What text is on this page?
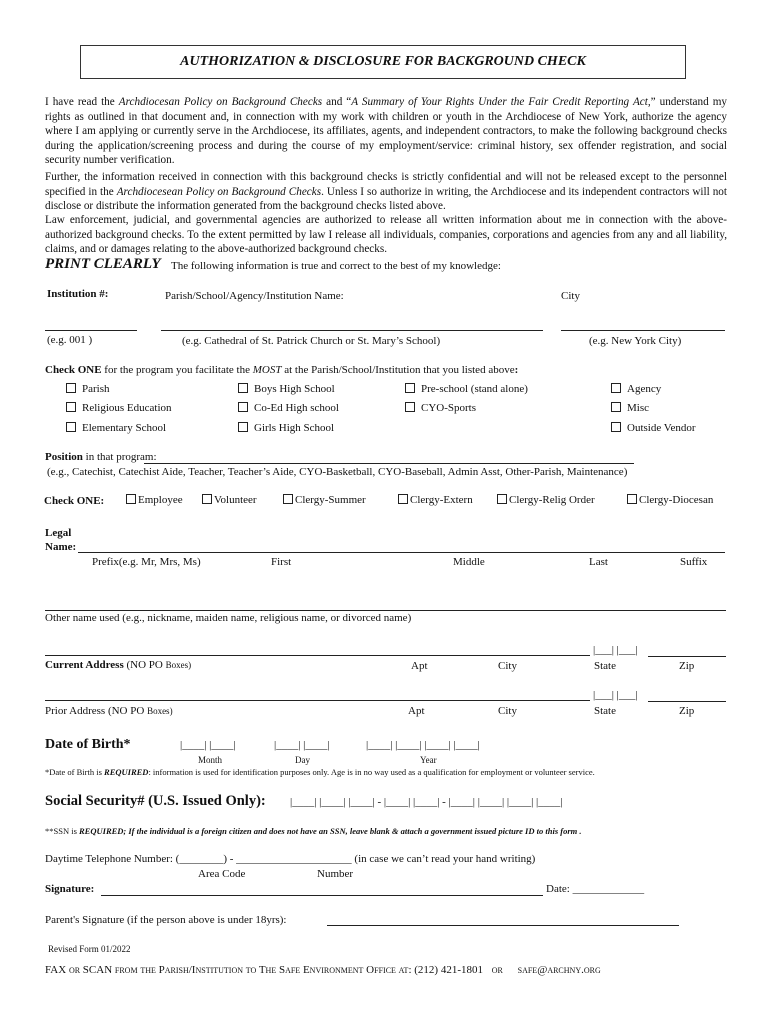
AUTHORIZATION & DISCLOSURE FOR BACKGROUND CHECK
I have read the Archdiocesan Policy on Background Checks and “A Summary of Your Rights Under the Fair Credit Reporting Act,” understand my rights as outlined in that document and, in connection with my work with children or youth in the Archdiocese of New York, authorize the agency where I am applying or currently serve in the Archdiocese, its affiliates, agents, and independent contractors, to make the following background checks during the application/screening process and during the course of my employment/service: criminal history, sex offender registration, and social security number verification.
Further, the information received in connection with this background checks is strictly confidential and will not be released except to the personnel specified in the Archdiocesean Policy on Background Checks. Unless I so authorize in writing, the Archdiocese and its independent contractors will not disclose or distribute the information generated from the background checks listed above.
Law enforcement, judicial, and governmental agencies are authorized to release all written information about me in connection with the above-authorized background checks. To the extent permitted by law I release all individuals, companies, corporations and agencies from any and all liability, claims, and or damages relating to the above-authorized background checks.
PRINT CLEARLY The following information is true and correct to the best of my knowledge:
Institution #:	Parish/School/Agency/Institution Name:	City
(e.g. 001 )	(e.g. Cathedral of St. Patrick Church or St. Mary’s School)	(e.g. New York City)
Check ONE for the program you facilitate the MOST at the Parish/School/Institution that you listed above:
Parish
Religious Education
Elementary School
Boys High School
Co-Ed High school
Girls High School
Pre-school (stand alone)
CYO-Sports
Agency
Misc
Outside Vendor
Position in that program:
(e.g., Catechist, Catechist Aide, Teacher, Teacher’s Aide, CYO-Basketball, CYO-Baseball, Admin Asst, Other-Parish, Maintenance)
Check ONE:	Employee	Volunteer	Clergy-Summer	Clergy-Extern	Clergy-Relig Order	Clergy-Diocesan
Legal
Name:
Prefix(e.g. Mr, Mrs, Ms)	First	Middle	Last	Suffix
Other name used (e.g., nickname, maiden name, religious name, or divorced name)
|___| |___|
Current Address (NO PO Boxes)	Apt	City	State	Zip
|___| |___|
Prior Address (NO PO Boxes)	Apt	City	State	Zip
Date of Birth*	|____| |____|	|____| |____|	|____| |____| |____| |____|
Month	Day	Year
*Date of Birth is REQUIRED: information is used for identification purposes only. Age is in no way used as a qualification for employment or volunteer service.
Social Security# (U.S. Issued Only): |____| |____| |____| - |____| |____| - |____| |____| |____| |____|
**SSN is REQUIRED; If the individual is a foreign citizen and does not have an SSN, leave blank & attach a government issued picture ID to this form .
Daytime Telephone Number: (________) - _____________________ (in case we can’t read your hand writing)
Area Code	Number
Signature:	Date: _____________
Parent's Signature (if the person above is under 18yrs):
Revised Form 01/2022
FAX or SCAN from the Parish/Institution to The Safe Environment Office at: (212) 421-1801 or safe@archny.org
